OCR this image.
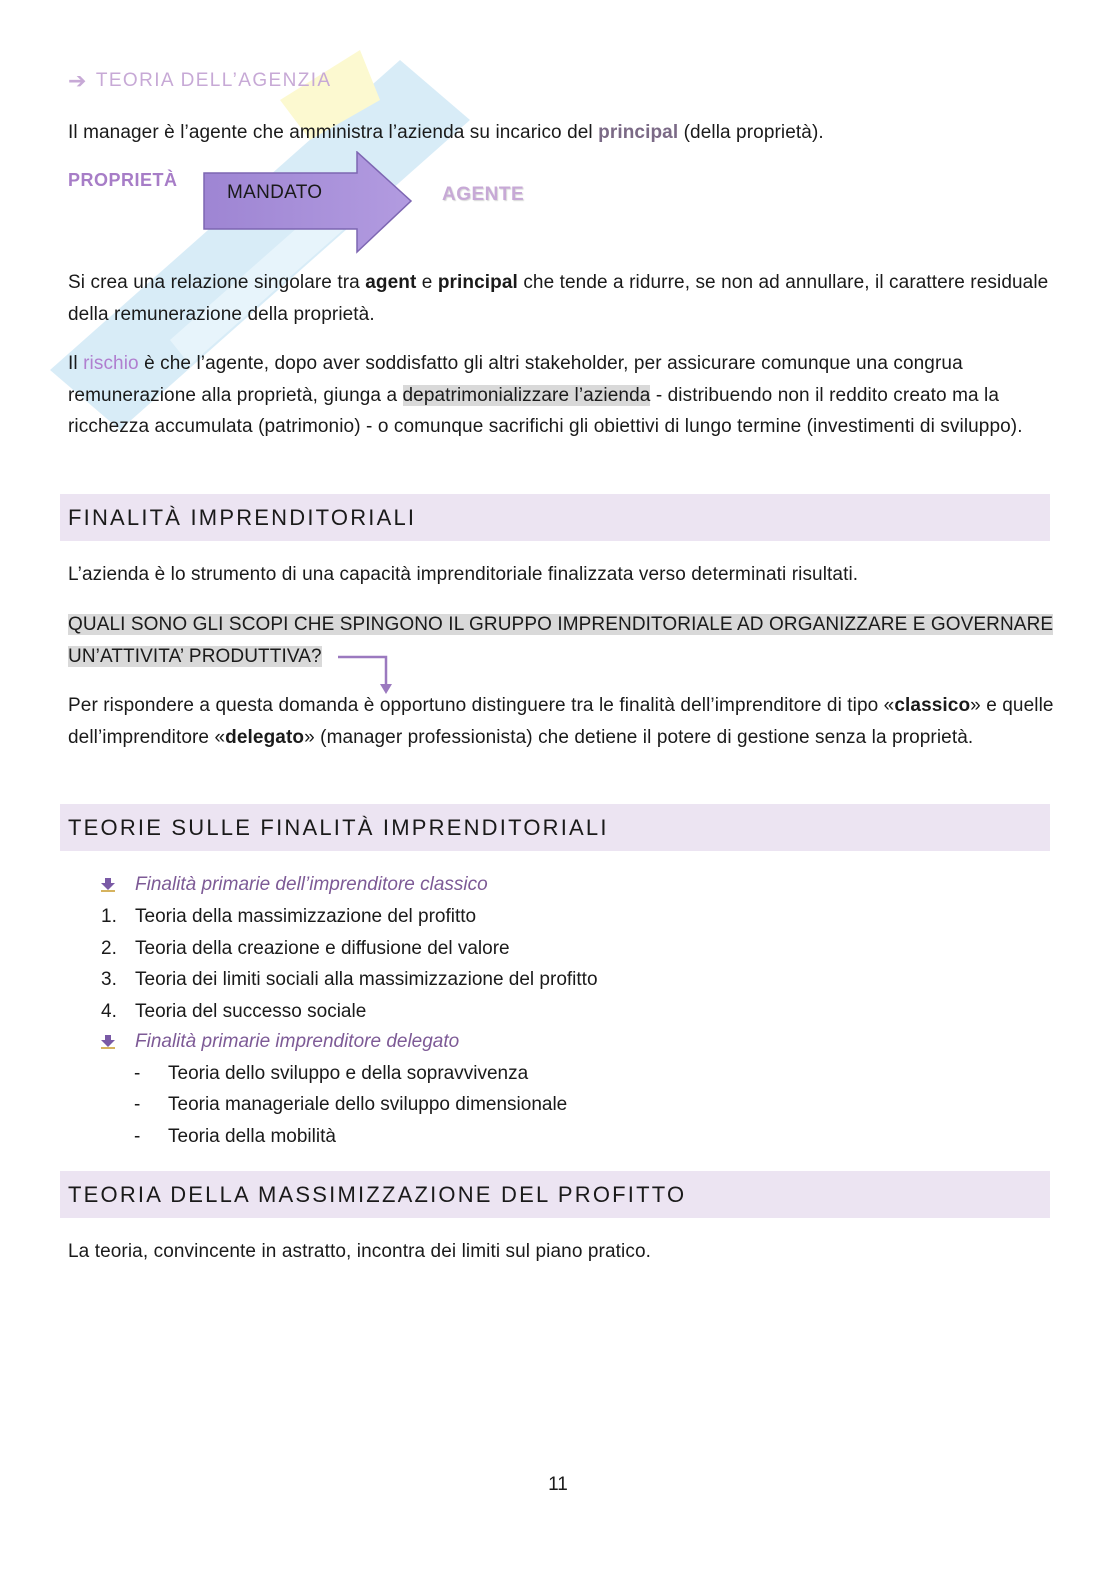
➔ TEORIA DELL’AGENZIA

Il manager è l’agente che amministra l’azienda su incarico del principal (della proprietà).

PROPRIETÀ
MANDATO	AGENTE

Si crea una relazione singolare tra agent e principal che tende a ridurre, se non ad annullare, il carattere residuale della remunerazione della proprietà.

Il rischio è che l’agente, dopo aver soddisfatto gli altri stakeholder, per assicurare comunque una congrua remunerazione alla proprietà, giunga a depatrimonializzare l’azienda - distribuendo non il reddito creato ma la ricchezza accumulata (patrimonio) - o comunque sacrifichi gli obiettivi di lungo termine (investimenti di sviluppo).

FINALITÀ IMPRENDITORIALI

L’azienda è lo strumento di una capacità imprenditoriale finalizzata verso determinati risultati.

QUALI SONO GLI SCOPI CHE SPINGONO IL GRUPPO IMPRENDITORIALE AD ORGANIZZARE E GOVERNARE
UN’ATTIVITA’ PRODUTTIVA?

Per rispondere a questa domanda è opportuno distinguere tra le finalità dell’imprenditore di tipo «classico» e quelle dell’imprenditore «delegato» (manager professionista) che detiene il potere di gestione senza la proprietà.

TEORIE SULLE FINALITÀ IMPRENDITORIALI
Finalità primarie dell’imprenditore classico
1. Teoria della massimizzazione del profitto
2. Teoria della creazione e diffusione del valore
3. Teoria dei limiti sociali alla massimizzazione del profitto
4. Teoria del successo sociale
Finalità primarie imprenditore delegato
- Teoria dello sviluppo e della sopravvivenza
- Teoria manageriale dello sviluppo dimensionale
- Teoria della mobilità
TEORIA DELLA MASSIMIZZAZIONE DEL PROFITTO

La teoria, convincente in astratto, incontra dei limiti sul piano pratico.

11
